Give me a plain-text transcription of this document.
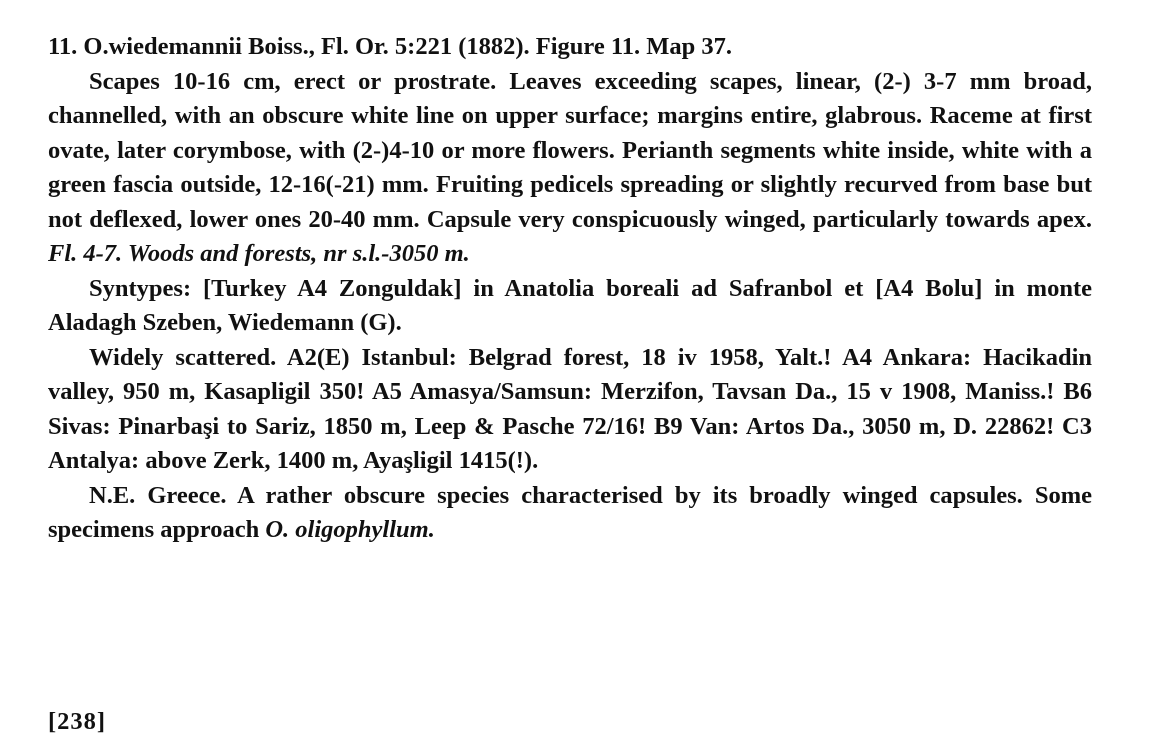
11. O.wiedemannii Boiss., Fl. Or. 5:221 (1882). Figure 11. Map 37.

Scapes 10-16 cm, erect or prostrate. Leaves exceeding scapes, linear, (2-) 3-7 mm broad, channelled, with an obscure white line on upper surface; margins entire, glabrous. Raceme at first ovate, later corymbose, with (2-)4-10 or more flowers. Perianth segments white inside, white with a green fascia outside, 12-16(-21) mm. Fruiting pedicels spreading or slightly recurved from base but not deflexed, lower ones 20-40 mm. Capsule very conspicuously winged, particularly towards apex. Fl. 4-7. Woods and forests, nr s.l.-3050 m.

Syntypes: [Turkey A4 Zonguldak] in Anatolia boreali ad Safranbol et [A4 Bolu] in monte Aladagh Szeben, Wiedemann (G).

Widely scattered. A2(E) Istanbul: Belgrad forest, 18 iv 1958, Yalt.! A4 Ankara: Hacikadin valley, 950 m, Kasapligil 350! A5 Amasya/Samsun: Merzifon, Tavsan Da., 15 v 1908, Maniss.! B6 Sivas: Pinarbaşi to Sariz, 1850 m, Leep & Pasche 72/16! B9 Van: Artos Da., 3050 m, D. 22862! C3 Antalya: above Zerk, 1400 m, Ayaşligil 1415(!).

N.E. Greece. A rather obscure species characterised by its broadly winged capsules. Some specimens approach O. oligophyllum.

[238]
